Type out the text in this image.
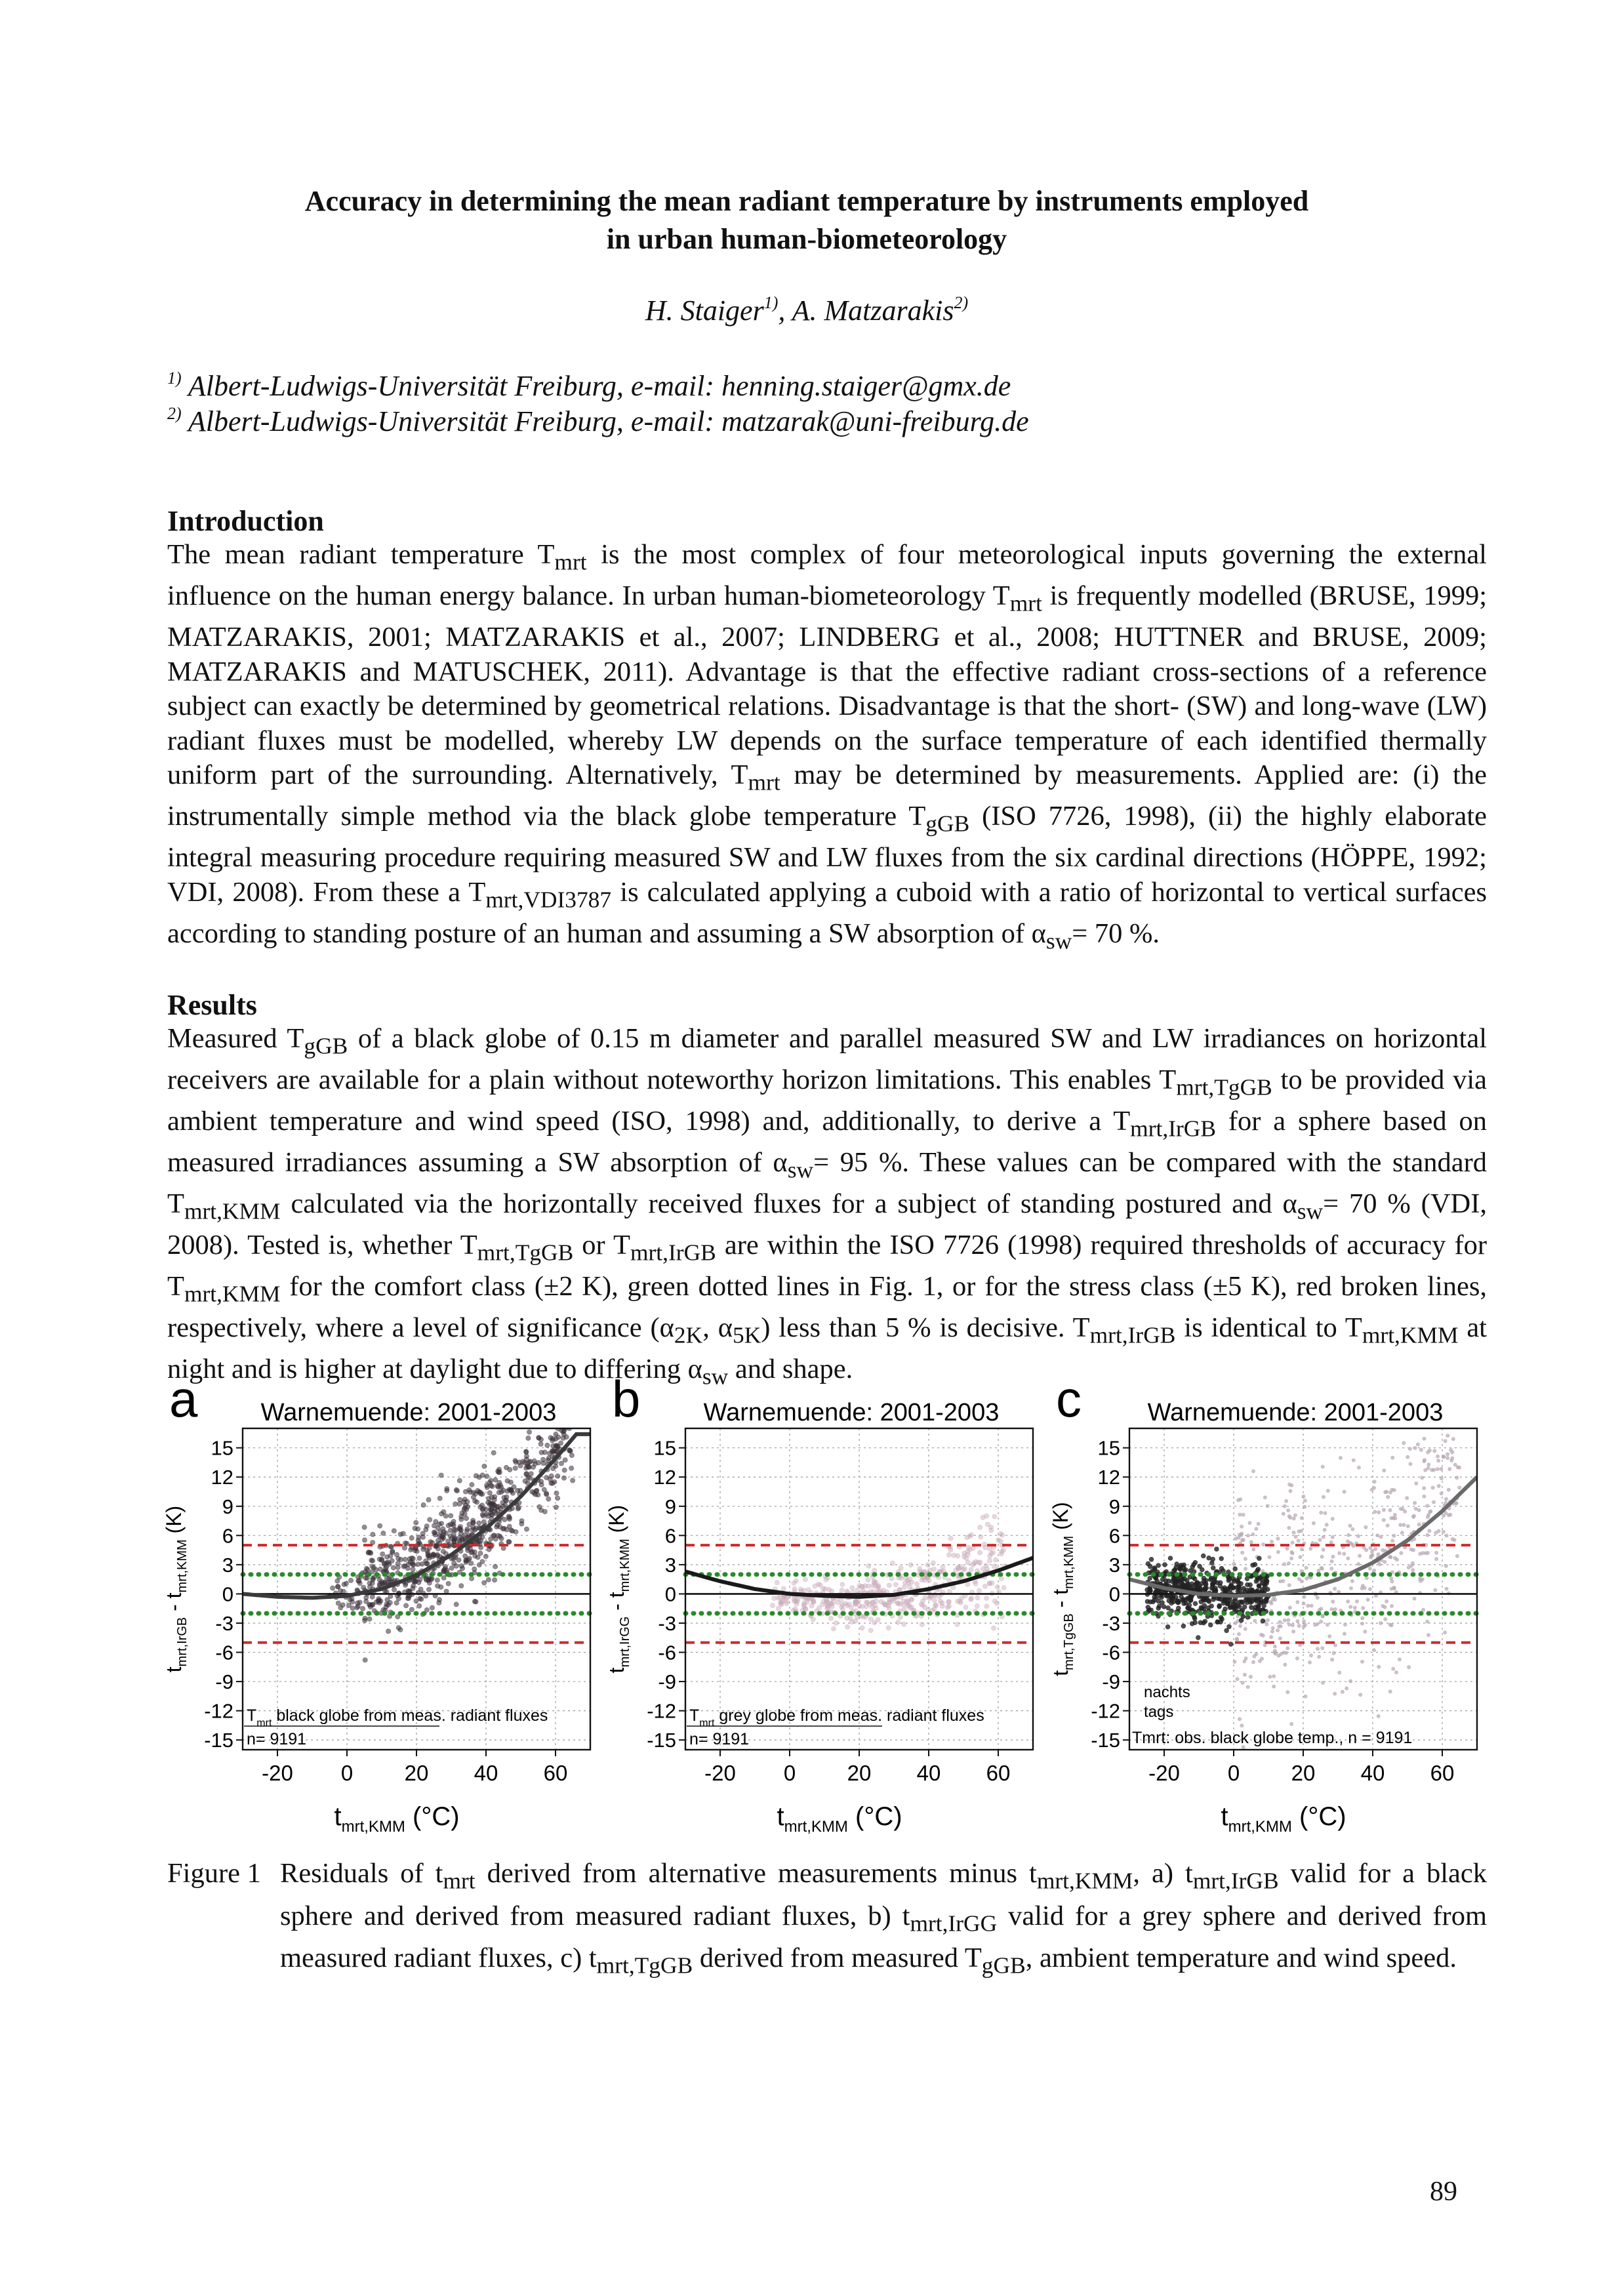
Accuracy in determining the mean radiant temperature by instruments employed
in urban human-biometeorology
H. Staiger$^{1)}$, A. Matzarakis$^{2)}$
$^{1)}$ Albert-Ludwigs-Universität Freiburg, e-mail: henning.staiger@gmx.de
$^{2)}$ Albert-Ludwigs-Universität Freiburg, e-mail: matzarak@uni-freiburg.de
Introduction

The mean radiant temperature $T_{mrt}$ is the most complex of four meteorological inputs governing the external influence on the human energy balance. In urban human-biometeorology $T_{mrt}$ is frequently modelled (BRUSE, 1999; MATZARAKIS, 2001; MATZARAKIS et al., 2007; LINDBERG et al., 2008; HUTTNER and BRUSE, 2009; MATZARAKIS and MATUSCHEK, 2011). Advantage is that the effective radiant cross-sections of a reference subject can exactly be determined by geometrical relations. Disadvantage is that the short- (SW) and long-wave (LW) radiant fluxes must be modelled, whereby LW depends on the surface temperature of each identified thermally uniform part of the surrounding. Alternatively, $T_{mrt}$ may be determined by measurements. Applied are: (i) the instrumentally simple method via the black globe temperature $T_{gGB}$ (ISO 7726, 1998), (ii) the highly elaborate integral measuring procedure requiring measured SW and LW fluxes from the six cardinal directions (HÖPPE, 1992; VDI, 2008). From these a $T_{mrt,VDI3787}$ is calculated applying a cuboid with a ratio of horizontal to vertical surfaces according to standing posture of an human and assuming a SW absorption of $\alpha_{sw}= 70$ %.

Results

Measured $T_{gGB}$ of a black globe of 0.15 m diameter and parallel measured SW and LW irradiances on horizontal receivers are available for a plain without noteworthy horizon limitations. This enables $T_{mrt,TgGB}$ to be provided via ambient temperature and wind speed (ISO, 1998) and, additionally, to derive a $T_{mrt,IrGB}$ for a sphere based on measured irradiances assuming a SW absorption of $\alpha_{sw}= 95$ %. These values can be compared with the standard $T_{mrt,KMM}$ calculated via the horizontally received fluxes for a subject of standing postured and $\alpha_{sw}= 70$ % (VDI, 2008). Tested is, whether $T_{mrt,TgGB}$ or $T_{mrt,IrGB}$ are within the ISO 7726 (1998) required thresholds of accuracy for $T_{mrt,KMM}$ for the comfort class (±2 K), green dotted lines in Fig. 1, or for the stress class (±5 K), red broken lines, respectively, where a level of significance ($\alpha_{2K}$, $\alpha_{5K}$) less than 5 % is decisive. $T_{mrt,IrGB}$ is identical to $T_{mrt,KMM}$ at night and is higher at daylight due to differing $\alpha_{sw}$ and shape.

a	Warnemuende: 2001-2003
15
12
9
6
3
0
-3
-6
-9
-12
-15
-20 0 20 40 60
$t_{mrt,KMM}$ (°C)
$t_{mrt,IrGB} - t_{mrt,KMM}$ (K)
$T_{mrt}$ black globe from meas. radiant fluxes
n= 9191
b	Warnemuende: 2001-2003
15
12
9
6
3
0
-3
-6
-9
-12
-15
-20 0 20 40 60
$t_{mrt,KMM}$ (°C)
$t_{mrt,IrGG} - t_{mrt,KMM}$ (K)
$T_{mrt}$ grey globe from meas. radiant fluxes
n= 9191
c	Warnemuende: 2001-2003
15
12
9
6
3
0
-3
-6
-9
-12
-15
-20 0 20 40 60
$t_{mrt,KMM}$ (°C)
$t_{mrt,TgGB} - t_{mrt,KMM}$ (K)
nachts
tags
Tmrt: obs. black globe temp., n = 9191
Figure 1 Residuals of $t_{mrt}$ derived from alternative measurements minus $t_{mrt,KMM}$, a) $t_{mrt,IrGB}$ valid for a black sphere and derived from measured radiant fluxes, b) $t_{mrt,IrGG}$ valid for a grey sphere and derived from measured radiant fluxes, c) $t_{mrt,TgGB}$ derived from measured $T_{gGB}$, ambient temperature and wind speed.
89
